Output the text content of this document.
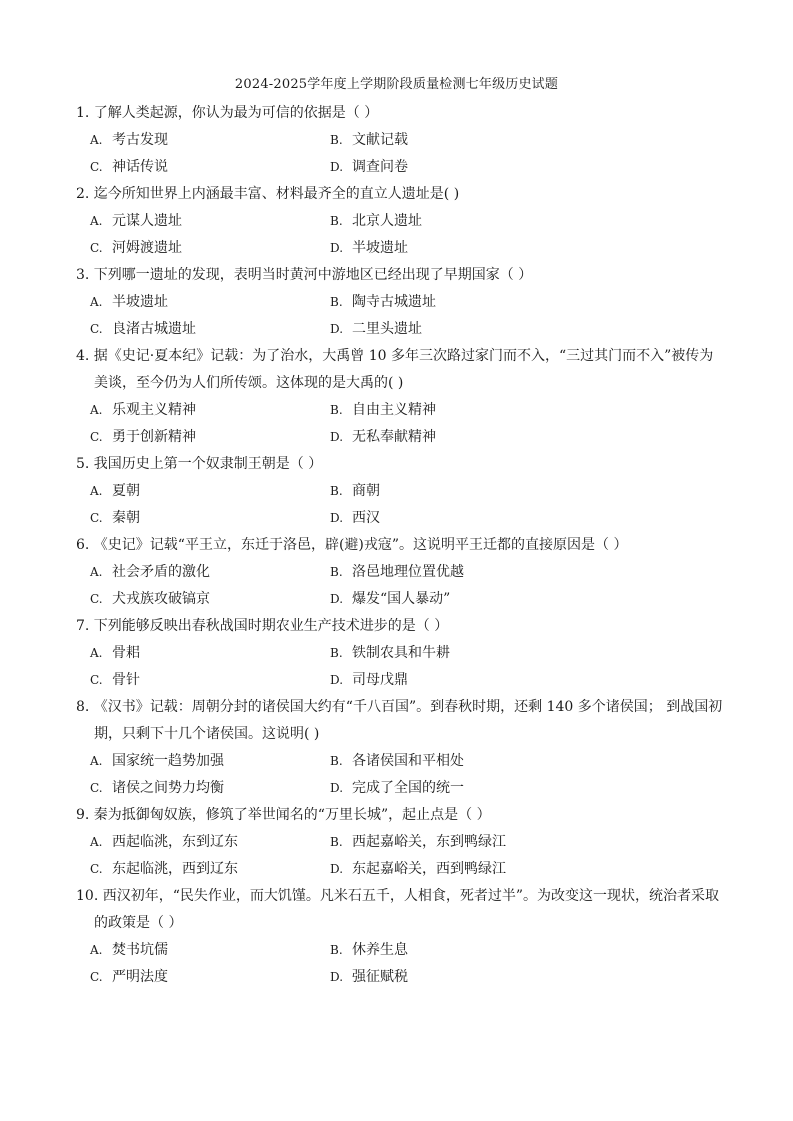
2024-2025学年度上学期阶段质量检测七年级历史试题

1. 了解人类起源，你认为最为可信的依据是（ ）

A. 考古发现	B. 文献记载
C. 神话传说	D. 调查问卷

2. 迄今所知世界上内涵最丰富、材料最齐全的直立人遗址是( )

A. 元谋人遗址	B. 北京人遗址
C. 河姆渡遗址	D. 半坡遗址

3. 下列哪一遗址的发现，表明当时黄河中游地区已经出现了早期国家（ ）

A. 半坡遗址	B. 陶寺古城遗址
C. 良渚古城遗址	D. 二里头遗址

4. 据《史记·夏本纪》记载：为了治水，大禹曾 10 多年三次路过家门而不入，“三过其门而不入”被传为美谈，至今仍为人们所传颂。这体现的是大禹的( )

A. 乐观主义精神	B. 自由主义精神
C. 勇于创新精神	D. 无私奉献精神

5. 我国历史上第一个奴隶制王朝是（ ）

A. 夏朝	B. 商朝
C. 秦朝	D. 西汉

6. 《史记》记载“平王立，东迁于洛邑，辟(避)戎寇”。这说明平王迁都的直接原因是（ ）

A. 社会矛盾的激化	B. 洛邑地理位置优越
C. 犬戎族攻破镐京	D. 爆发“国人暴动”

7. 下列能够反映出春秋战国时期农业生产技术进步的是（ ）

A. 骨耜	B. 铁制农具和牛耕
C. 骨针	D. 司母戊鼎

8. 《汉书》记载：周朝分封的诸侯国大约有“千八百国”。到春秋时期，还剩 140 多个诸侯国； 到战国初期，只剩下十几个诸侯国。这说明( )

A. 国家统一趋势加强	B. 各诸侯国和平相处
C. 诸侯之间势力均衡	D. 完成了全国的统一

9. 秦为抵御匈奴族，修筑了举世闻名的“万里长城”，起止点是（ ）

A. 西起临洮，东到辽东	B. 西起嘉峪关，东到鸭绿江
C. 东起临洮，西到辽东	D. 东起嘉峪关，西到鸭绿江

10. 西汉初年，“民失作业，而大饥馑。凡米石五千，人相食，死者过半”。为改变这一现状，统治者采取的政策是（ ）

A. 焚书坑儒	B. 休养生息
C. 严明法度	D. 强征赋税
